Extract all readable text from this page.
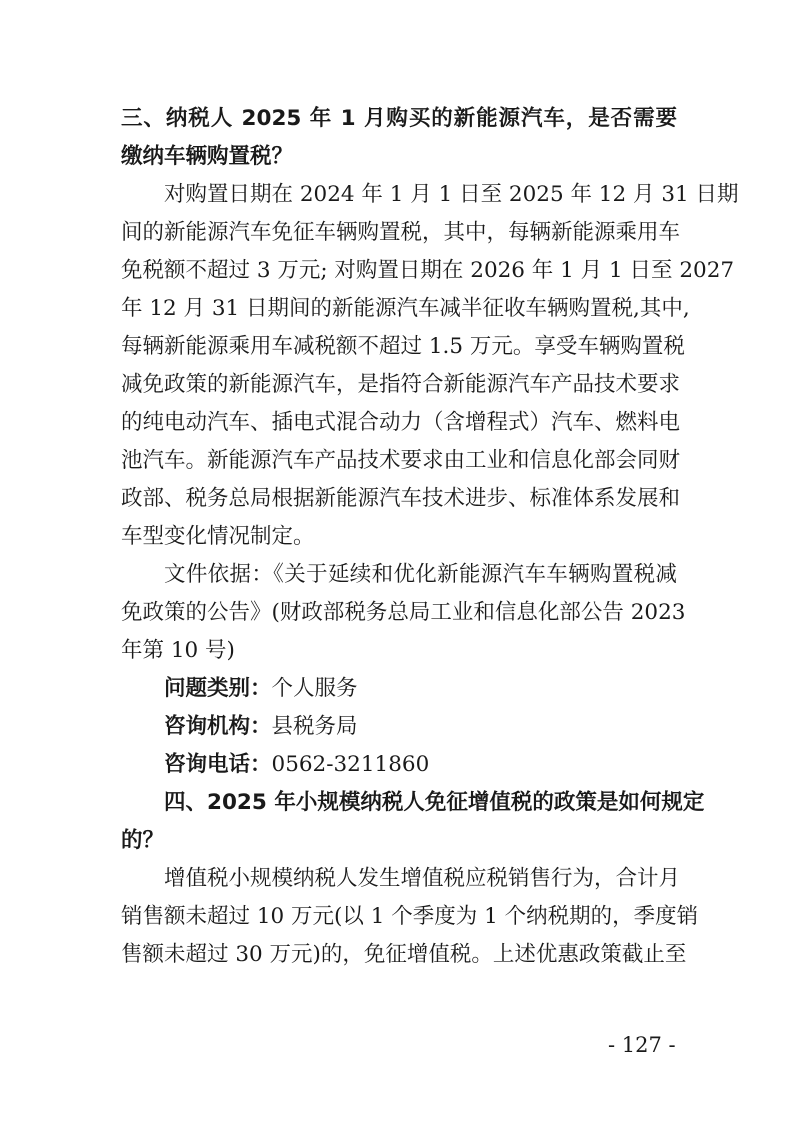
三、纳税人 2025 年 1 月购买的新能源汽车，是否需要
缴纳车辆购置税？
对购置日期在 2024 年 1 月 1 日至 2025 年 12 月 31 日期
间的新能源汽车免征车辆购置税，其中，每辆新能源乘用车
免税额不超过 3 万元; 对购置日期在 2026 年 1 月 1 日至 2027
年 12 月 31 日期间的新能源汽车减半征收车辆购置税,其中,
每辆新能源乘用车减税额不超过 1.5 万元。享受车辆购置税
减免政策的新能源汽车，是指符合新能源汽车产品技术要求
的纯电动汽车、插电式混合动力（含增程式）汽车、燃料电
池汽车。新能源汽车产品技术要求由工业和信息化部会同财
政部、税务总局根据新能源汽车技术进步、标准体系发展和
车型变化情况制定。
文件依据：《关于延续和优化新能源汽车车辆购置税减
免政策的公告》(财政部税务总局工业和信息化部公告 2023
年第 10 号)
问题类别：个人服务
咨询机构：县税务局
咨询电话：0562-3211860
四、2025 年小规模纳税人免征增值税的政策是如何规定
的？
增值税小规模纳税人发生增值税应税销售行为，合计月
销售额未超过 10 万元(以 1 个季度为 1 个纳税期的，季度销
售额未超过 30 万元)的，免征增值税。上述优惠政策截止至
- 127 -
